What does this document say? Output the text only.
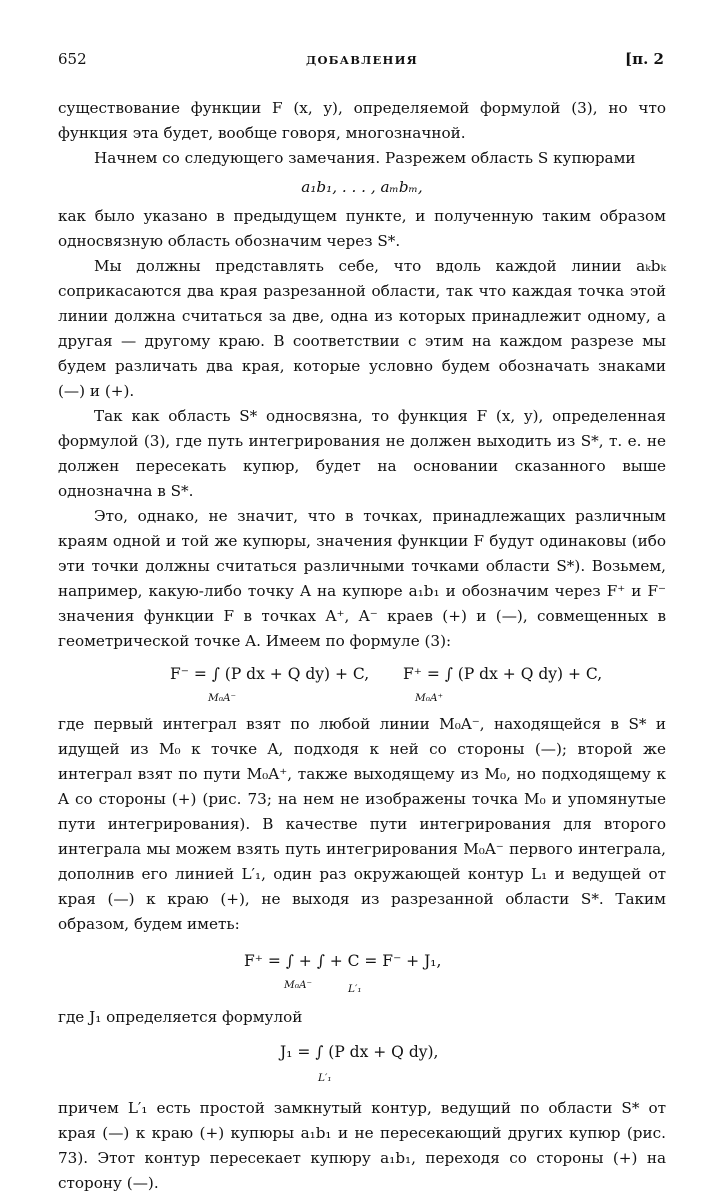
652	ДОБАВЛЕНИЯ	[п. 2

существование функции F (x, y), определяемой формулой (3), но что функция эта будет, вообще говоря, многозначной.

Начнем со следующего замечания. Разрежем область S купюрами

a₁b₁, . . . , aₘbₘ,

как было указано в предыдущем пункте, и полученную таким образом односвязную область обозначим через S*.

Мы должны представлять себе, что вдоль каждой линии aₖbₖ соприкасаются два края разрезанной области, так что каждая точка этой линии должна считаться за две, одна из которых принадлежит одному, а другая — другому краю. В соответствии с этим на каждом разрезе мы будем различать два края, которые условно будем обозначать знаками (—) и (+).

Так как область S* односвязна, то функция F (x, y), определенная формулой (3), где путь интегрирования не должен выходить из S*, т. е. не должен пересекать купюр, будет на основании сказанного выше однозначна в S*.

Это, однако, не значит, что в точках, принадлежащих различным краям одной и той же купюры, значения функции F будут одинаковы (ибо эти точки должны считаться различными точками области S*). Возьмем, например, какую-либо точку A на купюре a₁b₁ и обозначим через F⁺ и F⁻ значения функции F в точках A⁺, A⁻ краев (+) и (—), совмещенных в геометрической точке A. Имеем по формуле (3):

F⁻ = ∫ (P dx + Q dy) + C,
M₀A⁻
F⁺ = ∫ (P dx + Q dy) + C,
M₀A⁺

где первый интеграл взят по любой линии M₀A⁻, находящейся в S* и идущей из M₀ к точке A, подходя к ней со стороны (—); второй же интеграл взят по пути M₀A⁺, также выходящему из M₀, но подходящему к A со стороны (+) (рис. 73; на нем не изображены точка M₀ и упомянутые пути интегрирования). В качестве пути интегрирования для второго интеграла мы можем взять путь интегрирования M₀A⁻ первого интеграла, дополнив его линией L′₁, один раз окружающей контур L₁ и ведущей от края (—) к краю (+), не выходя из разрезанной области S*. Таким образом, будем иметь:

F⁺ = ∫ + ∫ + C = F⁻ + J₁,
M₀A⁻	L′₁

где J₁ определяется формулой

J₁ = ∫ (P dx + Q dy),
L′₁

причем L′₁ есть простой замкнутый контур, ведущий по области S* от края (—) к краю (+) купюры a₁b₁ и не пересекающий других купюр (рис. 73). Этот контур пересекает купюру a₁b₁, переходя со стороны (+) на сторону (—).
